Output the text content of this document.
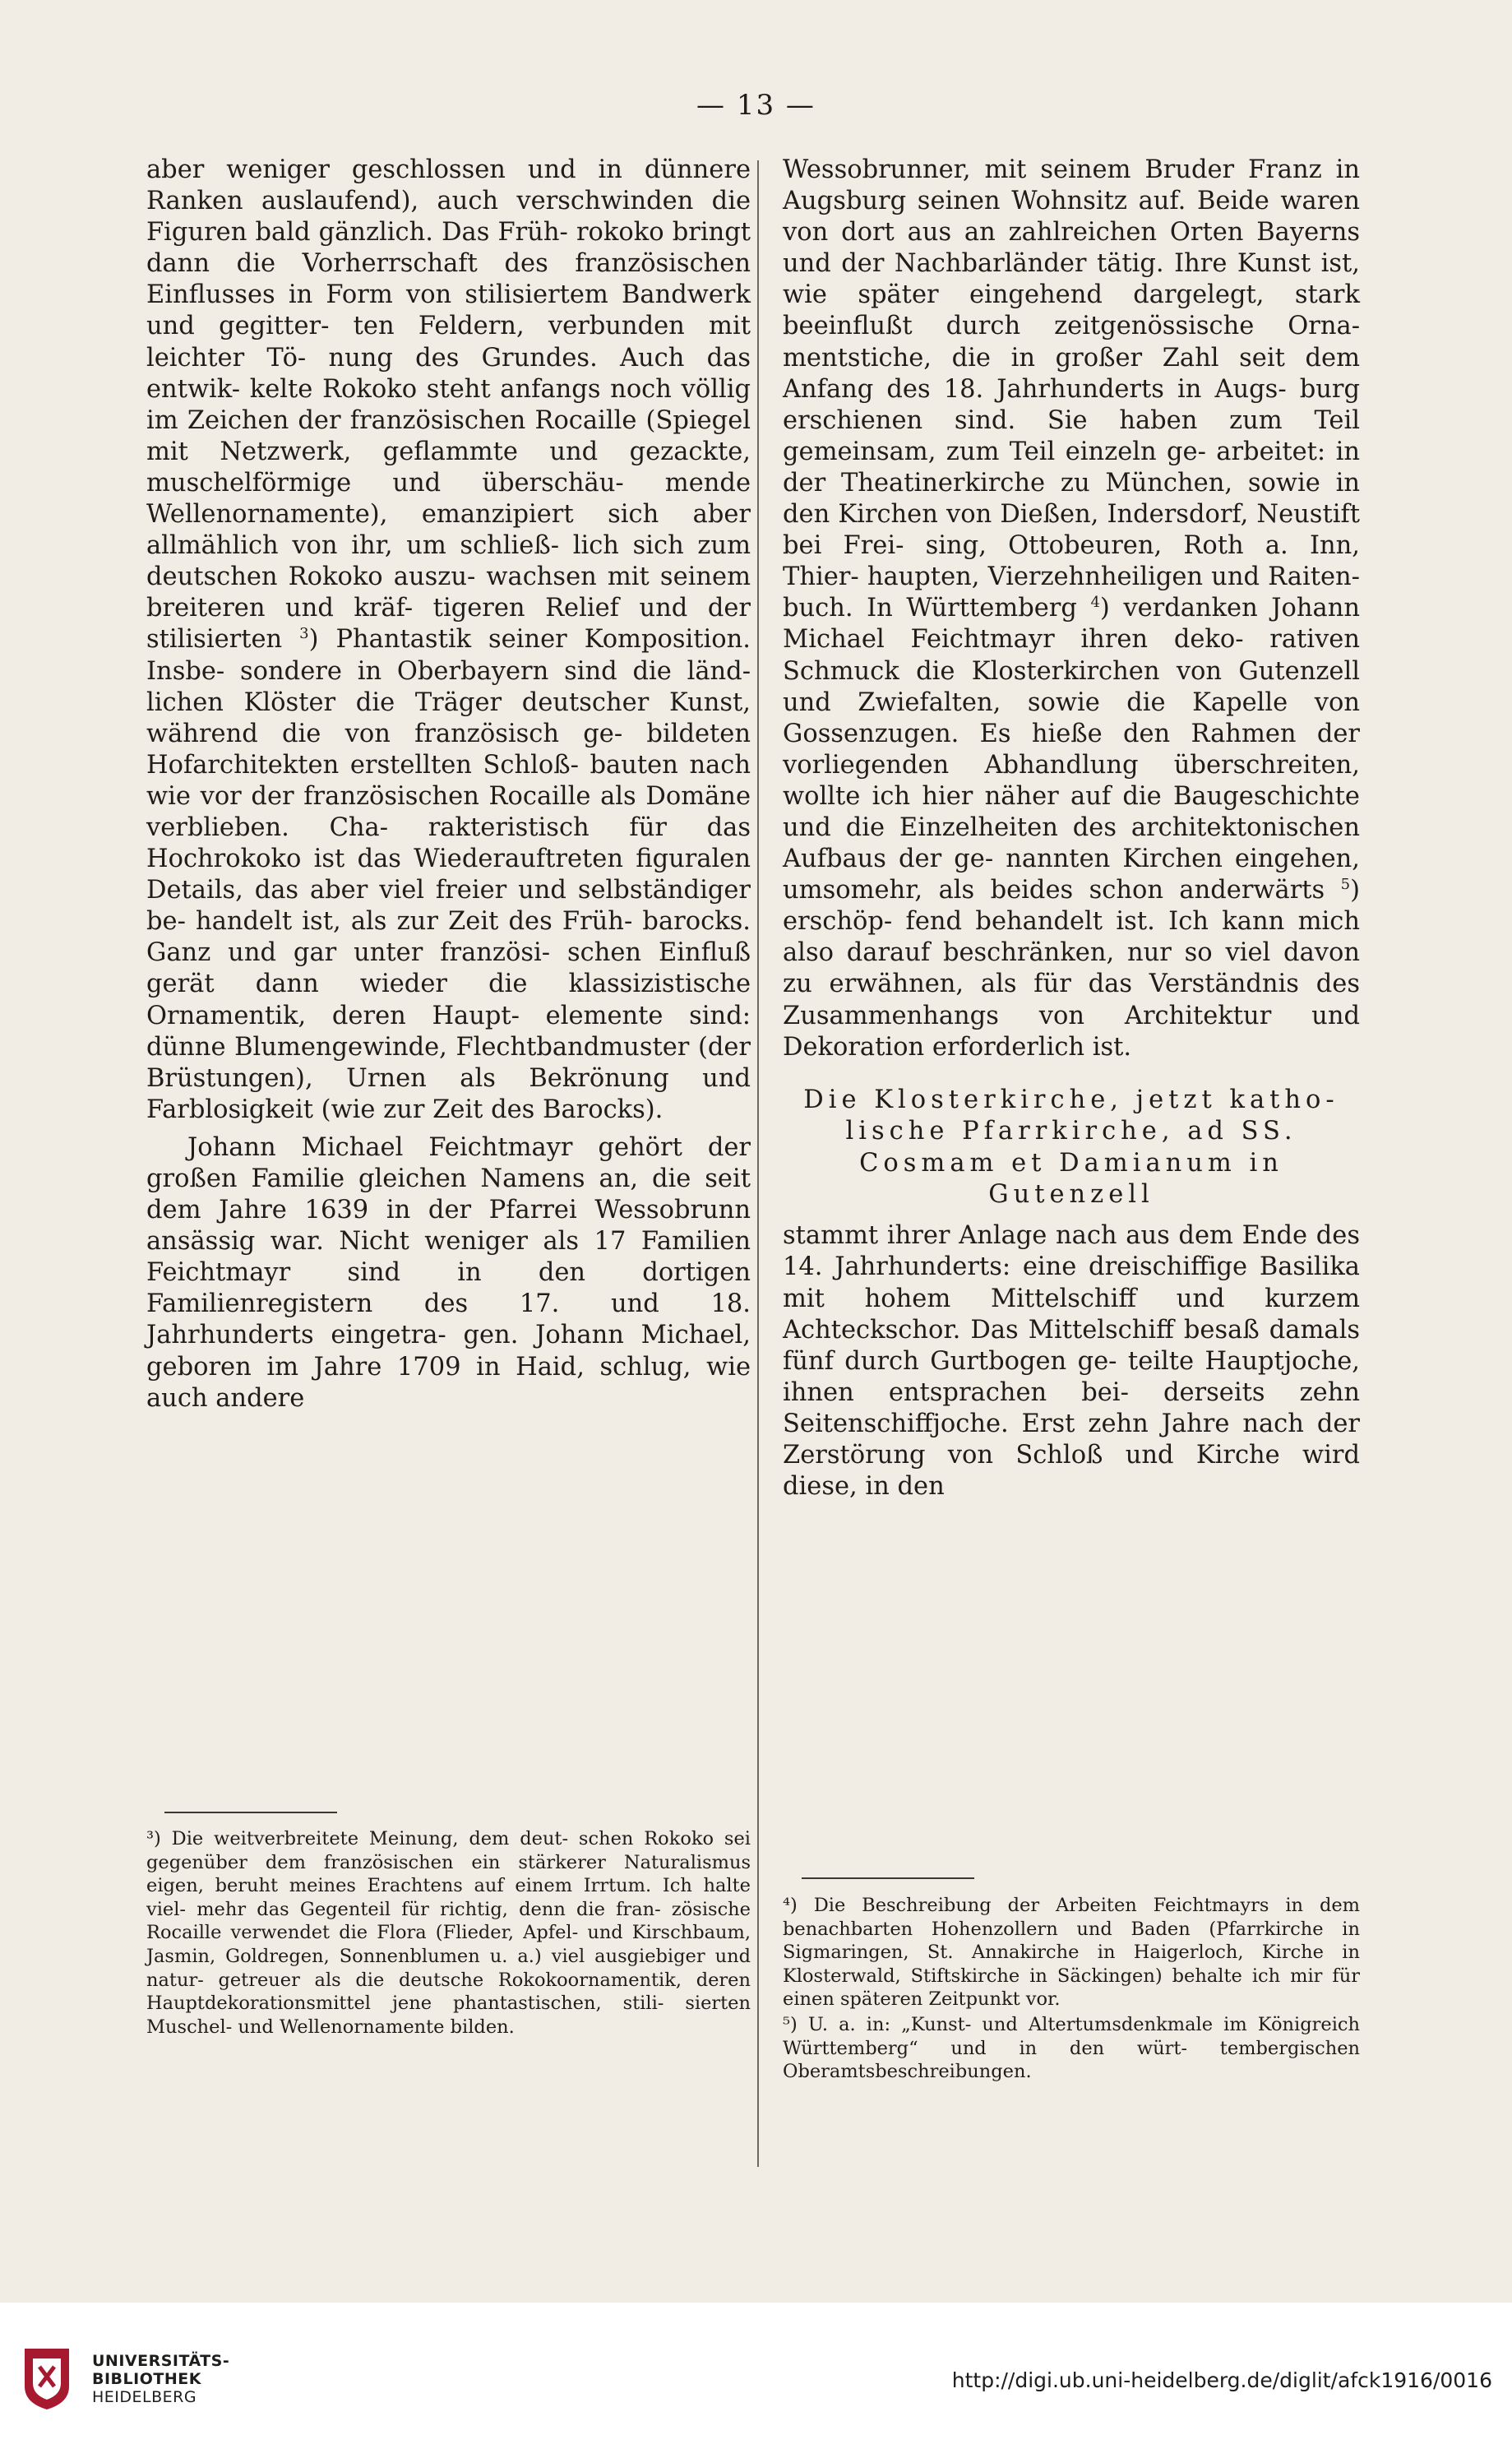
— 13 —

aber weniger geschlossen und in dünnere Ranken auslaufend), auch verschwinden die Figuren bald gänzlich. Das Früh- rokoko bringt dann die Vorherrschaft des französischen Einflusses in Form von stilisiertem Bandwerk und gegitter- ten Feldern, verbunden mit leichter Tö- nung des Grundes. Auch das entwik- kelte Rokoko steht anfangs noch völlig im Zeichen der französischen Rocaille (Spiegel mit Netzwerk, geflammte und gezackte, muschelförmige und überschäu- mende Wellenornamente), emanzipiert sich aber allmählich von ihr, um schließ- lich sich zum deutschen Rokoko auszu- wachsen mit seinem breiteren und kräf- tigeren Relief und der stilisierten $^3$) Phantastik seiner Komposition. Insbe- sondere in Oberbayern sind die länd- lichen Klöster die Träger deutscher Kunst, während die von französisch ge- bildeten Hofarchitekten erstellten Schloß- bauten nach wie vor der französischen Rocaille als Domäne verblieben. Cha- rakteristisch für das Hochrokoko ist das Wiederauftreten figuralen Details, das aber viel freier und selbständiger be- handelt ist, als zur Zeit des Früh- barocks. Ganz und gar unter französi- schen Einfluß gerät dann wieder die klassizistische Ornamentik, deren Haupt- elemente sind: dünne Blumengewinde, Flechtbandmuster (der Brüstungen), Urnen als Bekrönung und Farblosigkeit (wie zur Zeit des Barocks).

Johann Michael Feichtmayr gehört der großen Familie gleichen Namens an, die seit dem Jahre 1639 in der Pfarrei Wessobrunn ansässig war. Nicht weniger als 17 Familien Feichtmayr sind in den dortigen Familienregistern des 17. und 18. Jahrhunderts eingetra- gen. Johann Michael, geboren im Jahre 1709 in Haid, schlug, wie auch andere

³) Die weitverbreitete Meinung, dem deut- schen Rokoko sei gegenüber dem französischen ein stärkerer Naturalismus eigen, beruht meines Erachtens auf einem Irrtum. Ich halte viel- mehr das Gegenteil für richtig, denn die fran- zösische Rocaille verwendet die Flora (Flieder, Apfel- und Kirschbaum, Jasmin, Goldregen, Sonnenblumen u. a.) viel ausgiebiger und natur- getreuer als die deutsche Rokokoornamentik, deren Hauptdekorationsmittel jene phantastischen, stili- sierten Muschel- und Wellenornamente bilden.

Wessobrunner, mit seinem Bruder Franz in Augsburg seinen Wohnsitz auf. Beide waren von dort aus an zahlreichen Orten Bayerns und der Nachbarländer tätig. Ihre Kunst ist, wie später eingehend dargelegt, stark beeinflußt durch zeitgenössische Orna- mentstiche, die in großer Zahl seit dem Anfang des 18. Jahrhunderts in Augs- burg erschienen sind. Sie haben zum Teil gemeinsam, zum Teil einzeln ge- arbeitet: in der Theatinerkirche zu München, sowie in den Kirchen von Dießen, Indersdorf, Neustift bei Frei- sing, Ottobeuren, Roth a. Inn, Thier- haupten, Vierzehnheiligen und Raiten- buch. In Württemberg $^4$) verdanken Johann Michael Feichtmayr ihren deko- rativen Schmuck die Klosterkirchen von Gutenzell und Zwiefalten, sowie die Kapelle von Gossenzugen. Es hieße den Rahmen der vorliegenden Abhandlung überschreiten, wollte ich hier näher auf die Baugeschichte und die Einzelheiten des architektonischen Aufbaus der ge- nannten Kirchen eingehen, umsomehr, als beides schon anderwärts $^5$) erschöp- fend behandelt ist. Ich kann mich also darauf beschränken, nur so viel davon zu erwähnen, als für das Verständnis des Zusammenhangs von Architektur und Dekoration erforderlich ist.

Die Klosterkirche, jetzt katho- lische Pfarrkirche, ad SS. Cosmam et Damianum in Gutenzell

stammt ihrer Anlage nach aus dem Ende des 14. Jahrhunderts: eine dreischiffige Basilika mit hohem Mittelschiff und kurzem Achteckschor. Das Mittelschiff besaß damals fünf durch Gurtbogen ge- teilte Hauptjoche, ihnen entsprachen bei- derseits zehn Seitenschiffjoche. Erst zehn Jahre nach der Zerstörung von Schloß und Kirche wird diese, in den

⁴) Die Beschreibung der Arbeiten Feichtmayrs in dem benachbarten Hohenzollern und Baden (Pfarrkirche in Sigmaringen, St. Annakirche in Haigerloch, Kirche in Klosterwald, Stiftskirche in Säckingen) behalte ich mir für einen späteren Zeitpunkt vor.

⁵) U. a. in: „Kunst- und Altertumsdenkmale im Königreich Württemberg“ und in den würt- tembergischen Oberamtsbeschreibungen.

UNIVERSITÄTS-
BIBLIOTHEK
HEIDELBERG
http://digi.ub.uni-heidelberg.de/diglit/afck1916/0016
